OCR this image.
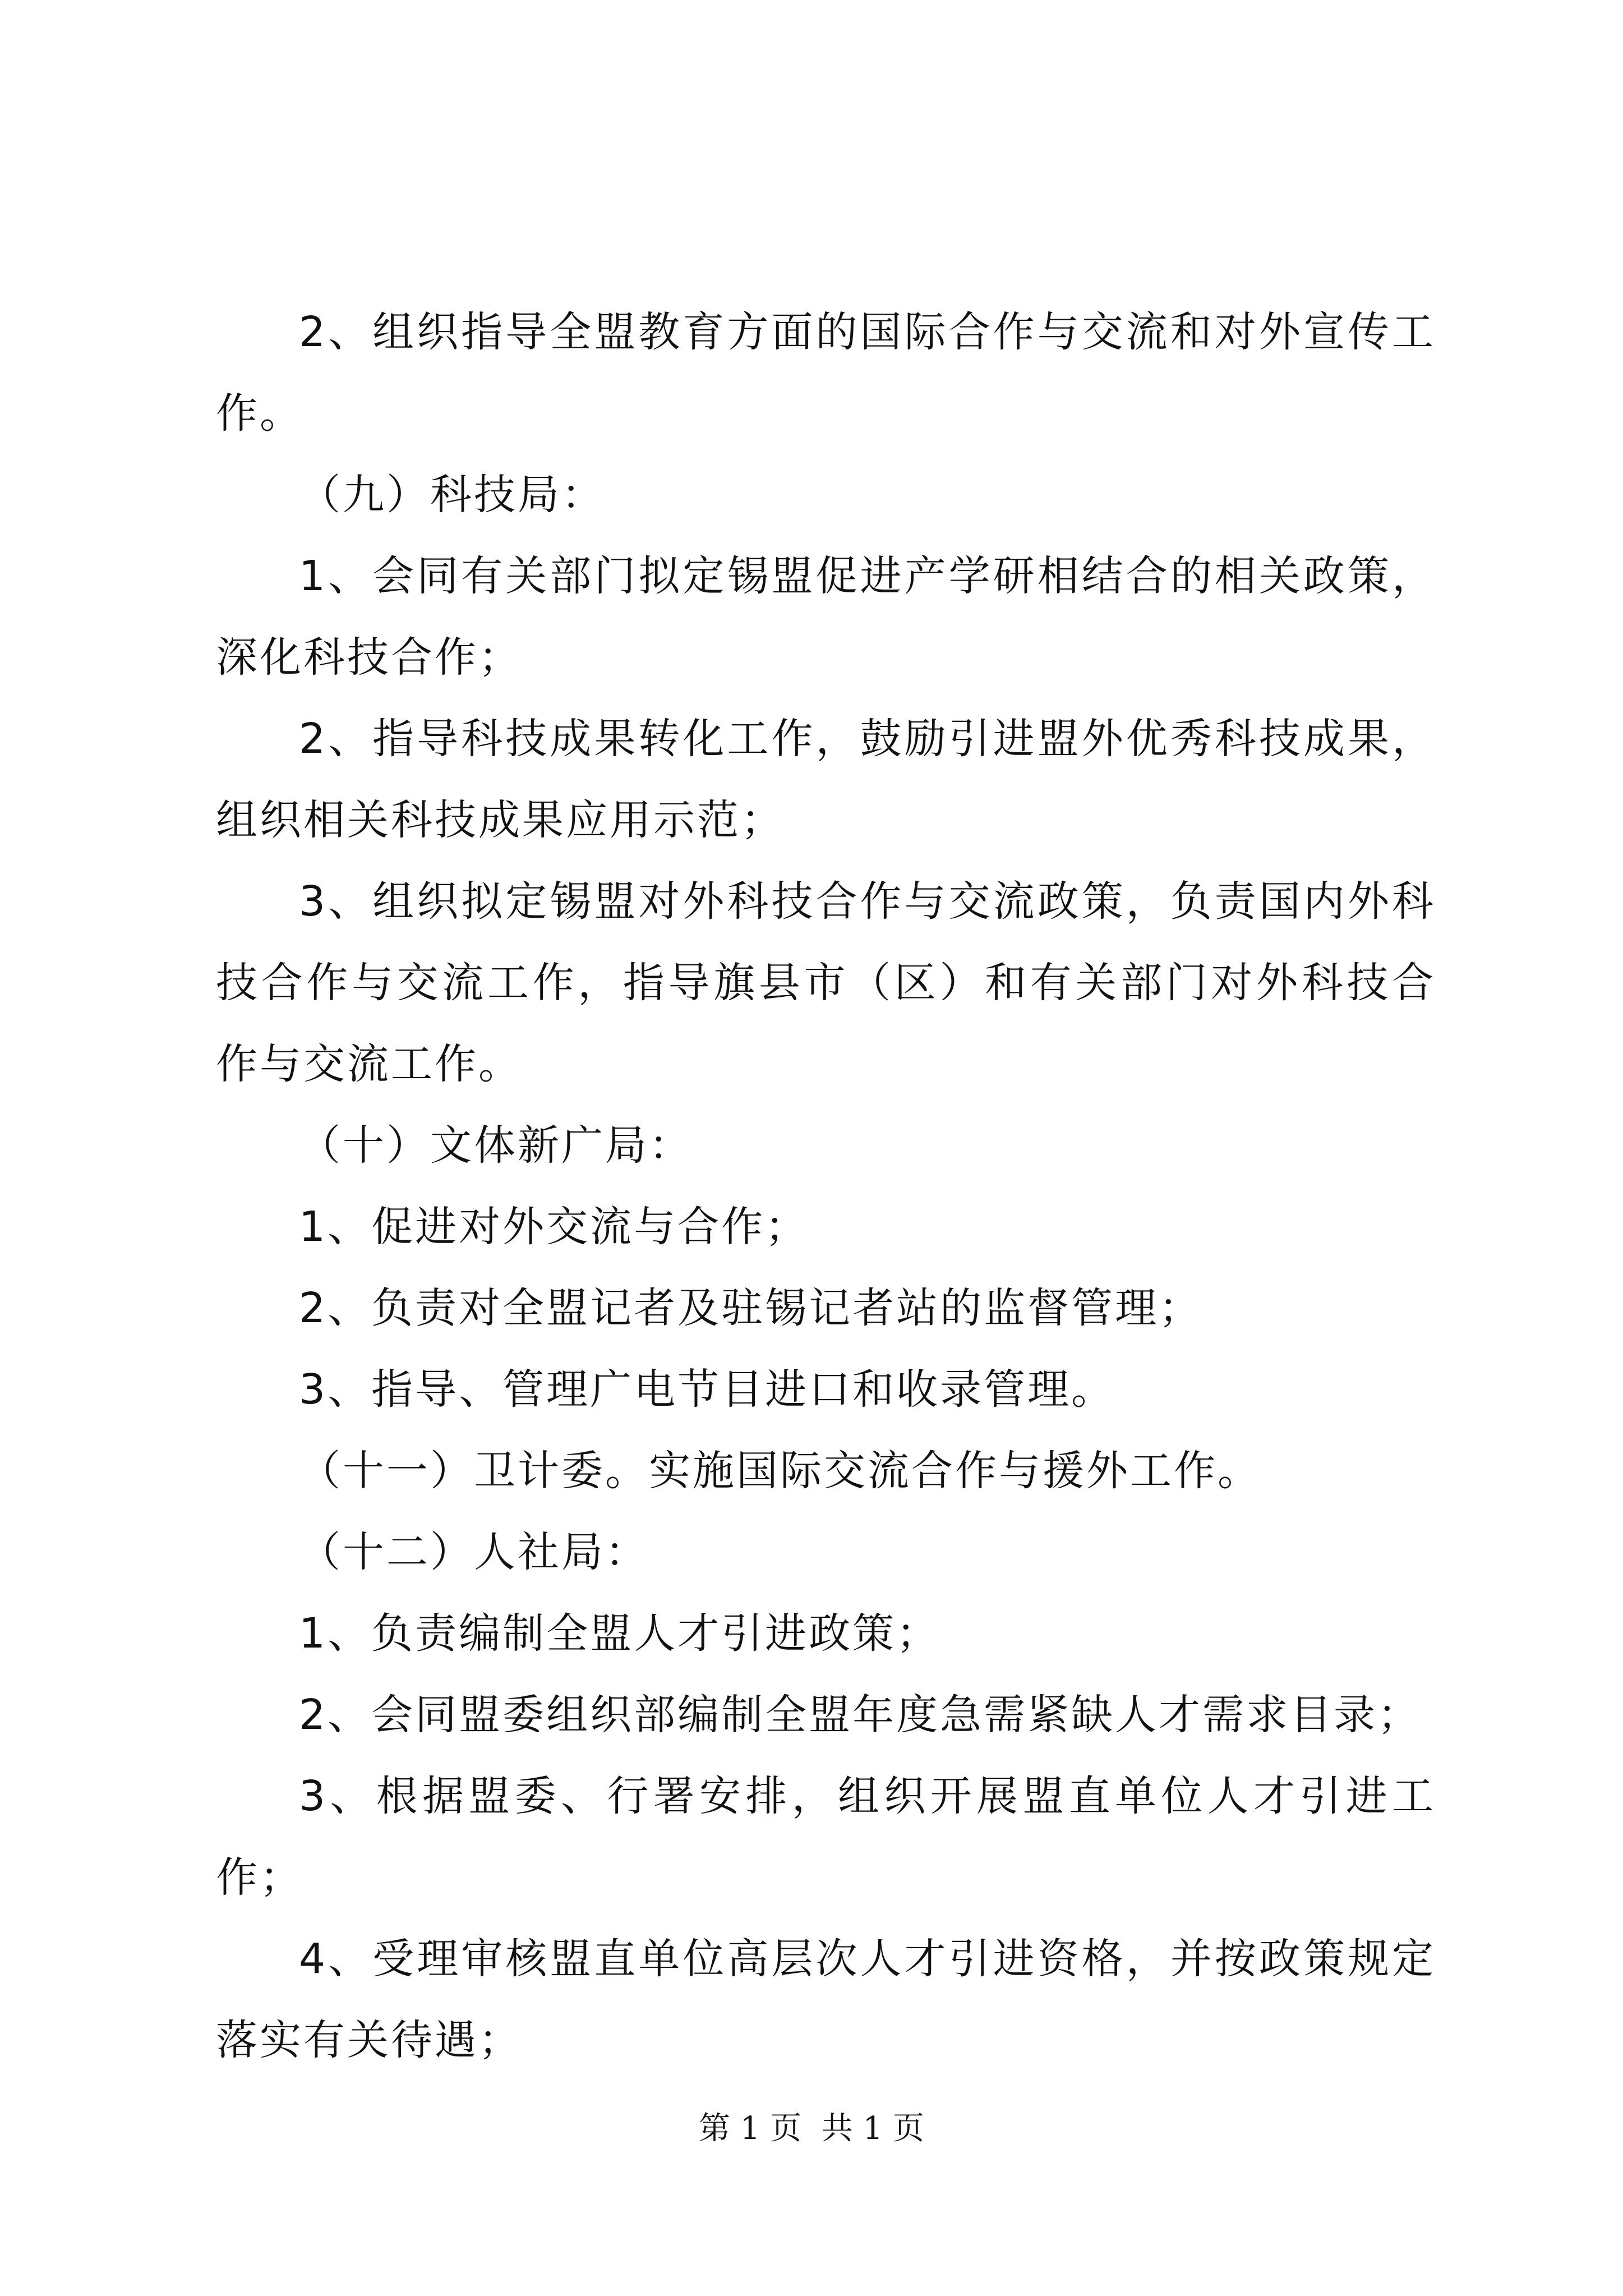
2、组织指导全盟教育方面的国际合作与交流和对外宣传工作。

（九）科技局：

1、会同有关部门拟定锡盟促进产学研相结合的相关政策，深化科技合作；

2、指导科技成果转化工作，鼓励引进盟外优秀科技成果，组织相关科技成果应用示范；

3、组织拟定锡盟对外科技合作与交流政策，负责国内外科技合作与交流工作，指导旗县市（区）和有关部门对外科技合作与交流工作。

（十）文体新广局：

1、促进对外交流与合作；

2、负责对全盟记者及驻锡记者站的监督管理；

3、指导、管理广电节目进口和收录管理。

（十一）卫计委。实施国际交流合作与援外工作。

（十二）人社局：

1、负责编制全盟人才引进政策；

2、会同盟委组织部编制全盟年度急需紧缺人才需求目录；

3、根据盟委、行署安排，组织开展盟直单位人才引进工作；

4、受理审核盟直单位高层次人才引进资格，并按政策规定落实有关待遇；

第 1 页  共 1 页
